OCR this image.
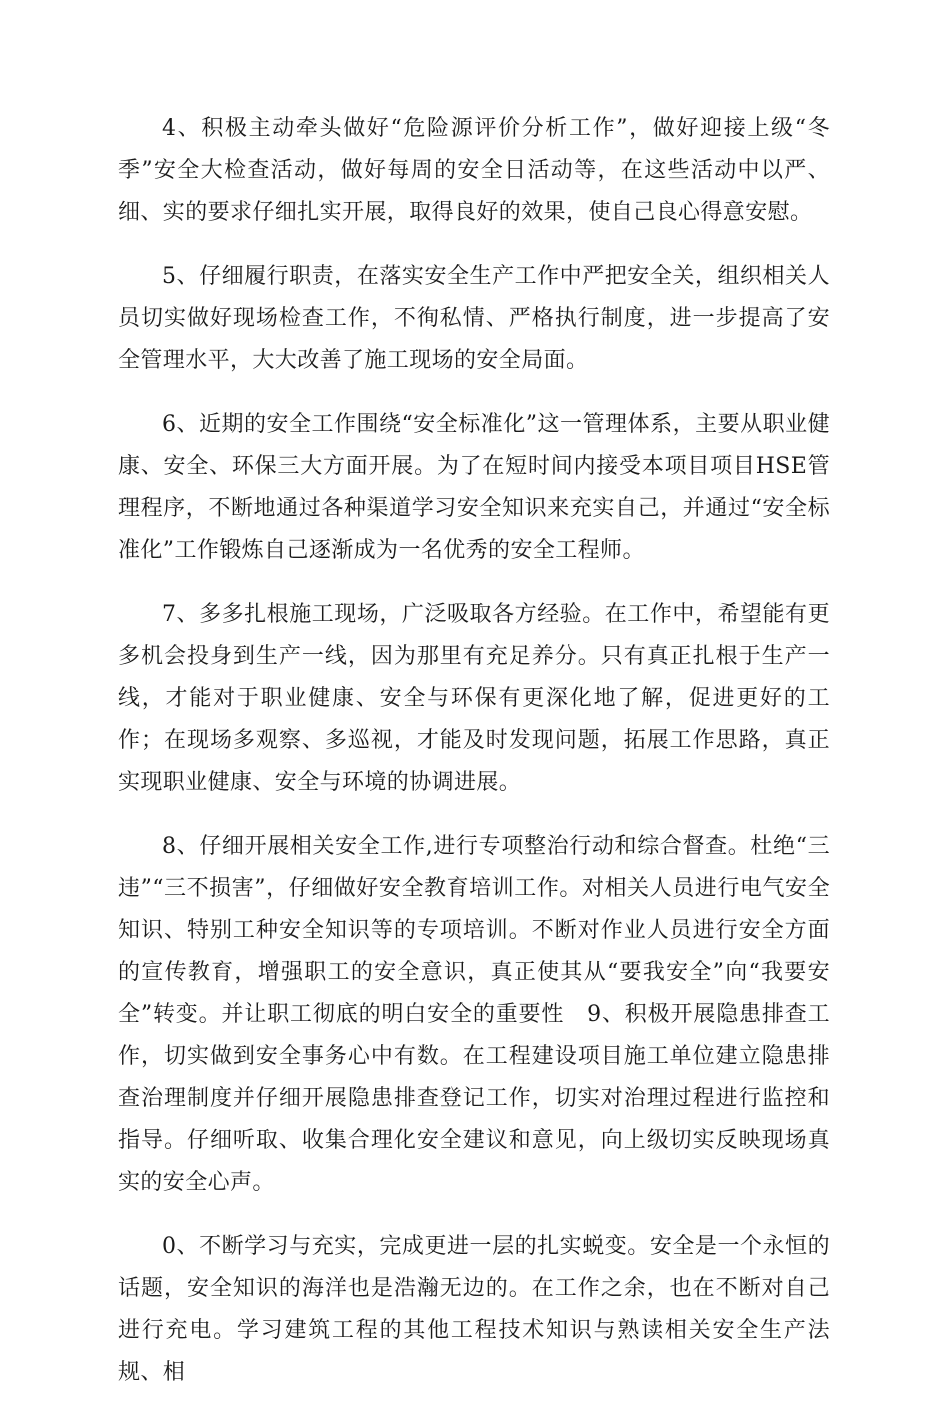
4、积极主动牵头做好“危险源评价分析工作”，做好迎接上级“冬季”安全大检查活动，做好每周的安全日活动等，在这些活动中以严、细、实的要求仔细扎实开展，取得良好的效果，使自己良心得意安慰。

5、仔细履行职责，在落实安全生产工作中严把安全关，组织相关人员切实做好现场检查工作，不徇私情、严格执行制度，进一步提高了安全管理水平，大大改善了施工现场的安全局面。

6、近期的安全工作围绕“安全标准化”这一管理体系，主要从职业健康、安全、环保三大方面开展。为了在短时间内接受本项目项目HSE管理程序，不断地通过各种渠道学习安全知识来充实自己，并通过“安全标准化”工作锻炼自己逐渐成为一名优秀的安全工程师。

7、多多扎根施工现场，广泛吸取各方经验。在工作中，希望能有更多机会投身到生产一线，因为那里有充足养分。只有真正扎根于生产一线，才能对于职业健康、安全与环保有更深化地了解，促进更好的工作；在现场多观察、多巡视，才能及时发现问题，拓展工作思路，真正实现职业健康、安全与环境的协调进展。

8、仔细开展相关安全工作,进行专项整治行动和综合督查。杜绝“三违”“三不损害”，仔细做好安全教育培训工作。对相关人员进行电气安全知识、特别工种安全知识等的专项培训。不断对作业人员进行安全方面的宣传教育，增强职工的安全意识，真正使其从“要我安全”向“我要安全”转变。并让职工彻底的明白安全的重要性　9、积极开展隐患排查工作，切实做到安全事务心中有数。在工程建设项目施工单位建立隐患排查治理制度并仔细开展隐患排查登记工作，切实对治理过程进行监控和指导。仔细听取、收集合理化安全建议和意见，向上级切实反映现场真实的安全心声。

0、不断学习与充实，完成更进一层的扎实蜕变。安全是一个永恒的话题，安全知识的海洋也是浩瀚无边的。在工作之余，也在不断对自己进行充电。学习建筑工程的其他工程技术知识与熟读相关安全生产法规、相
